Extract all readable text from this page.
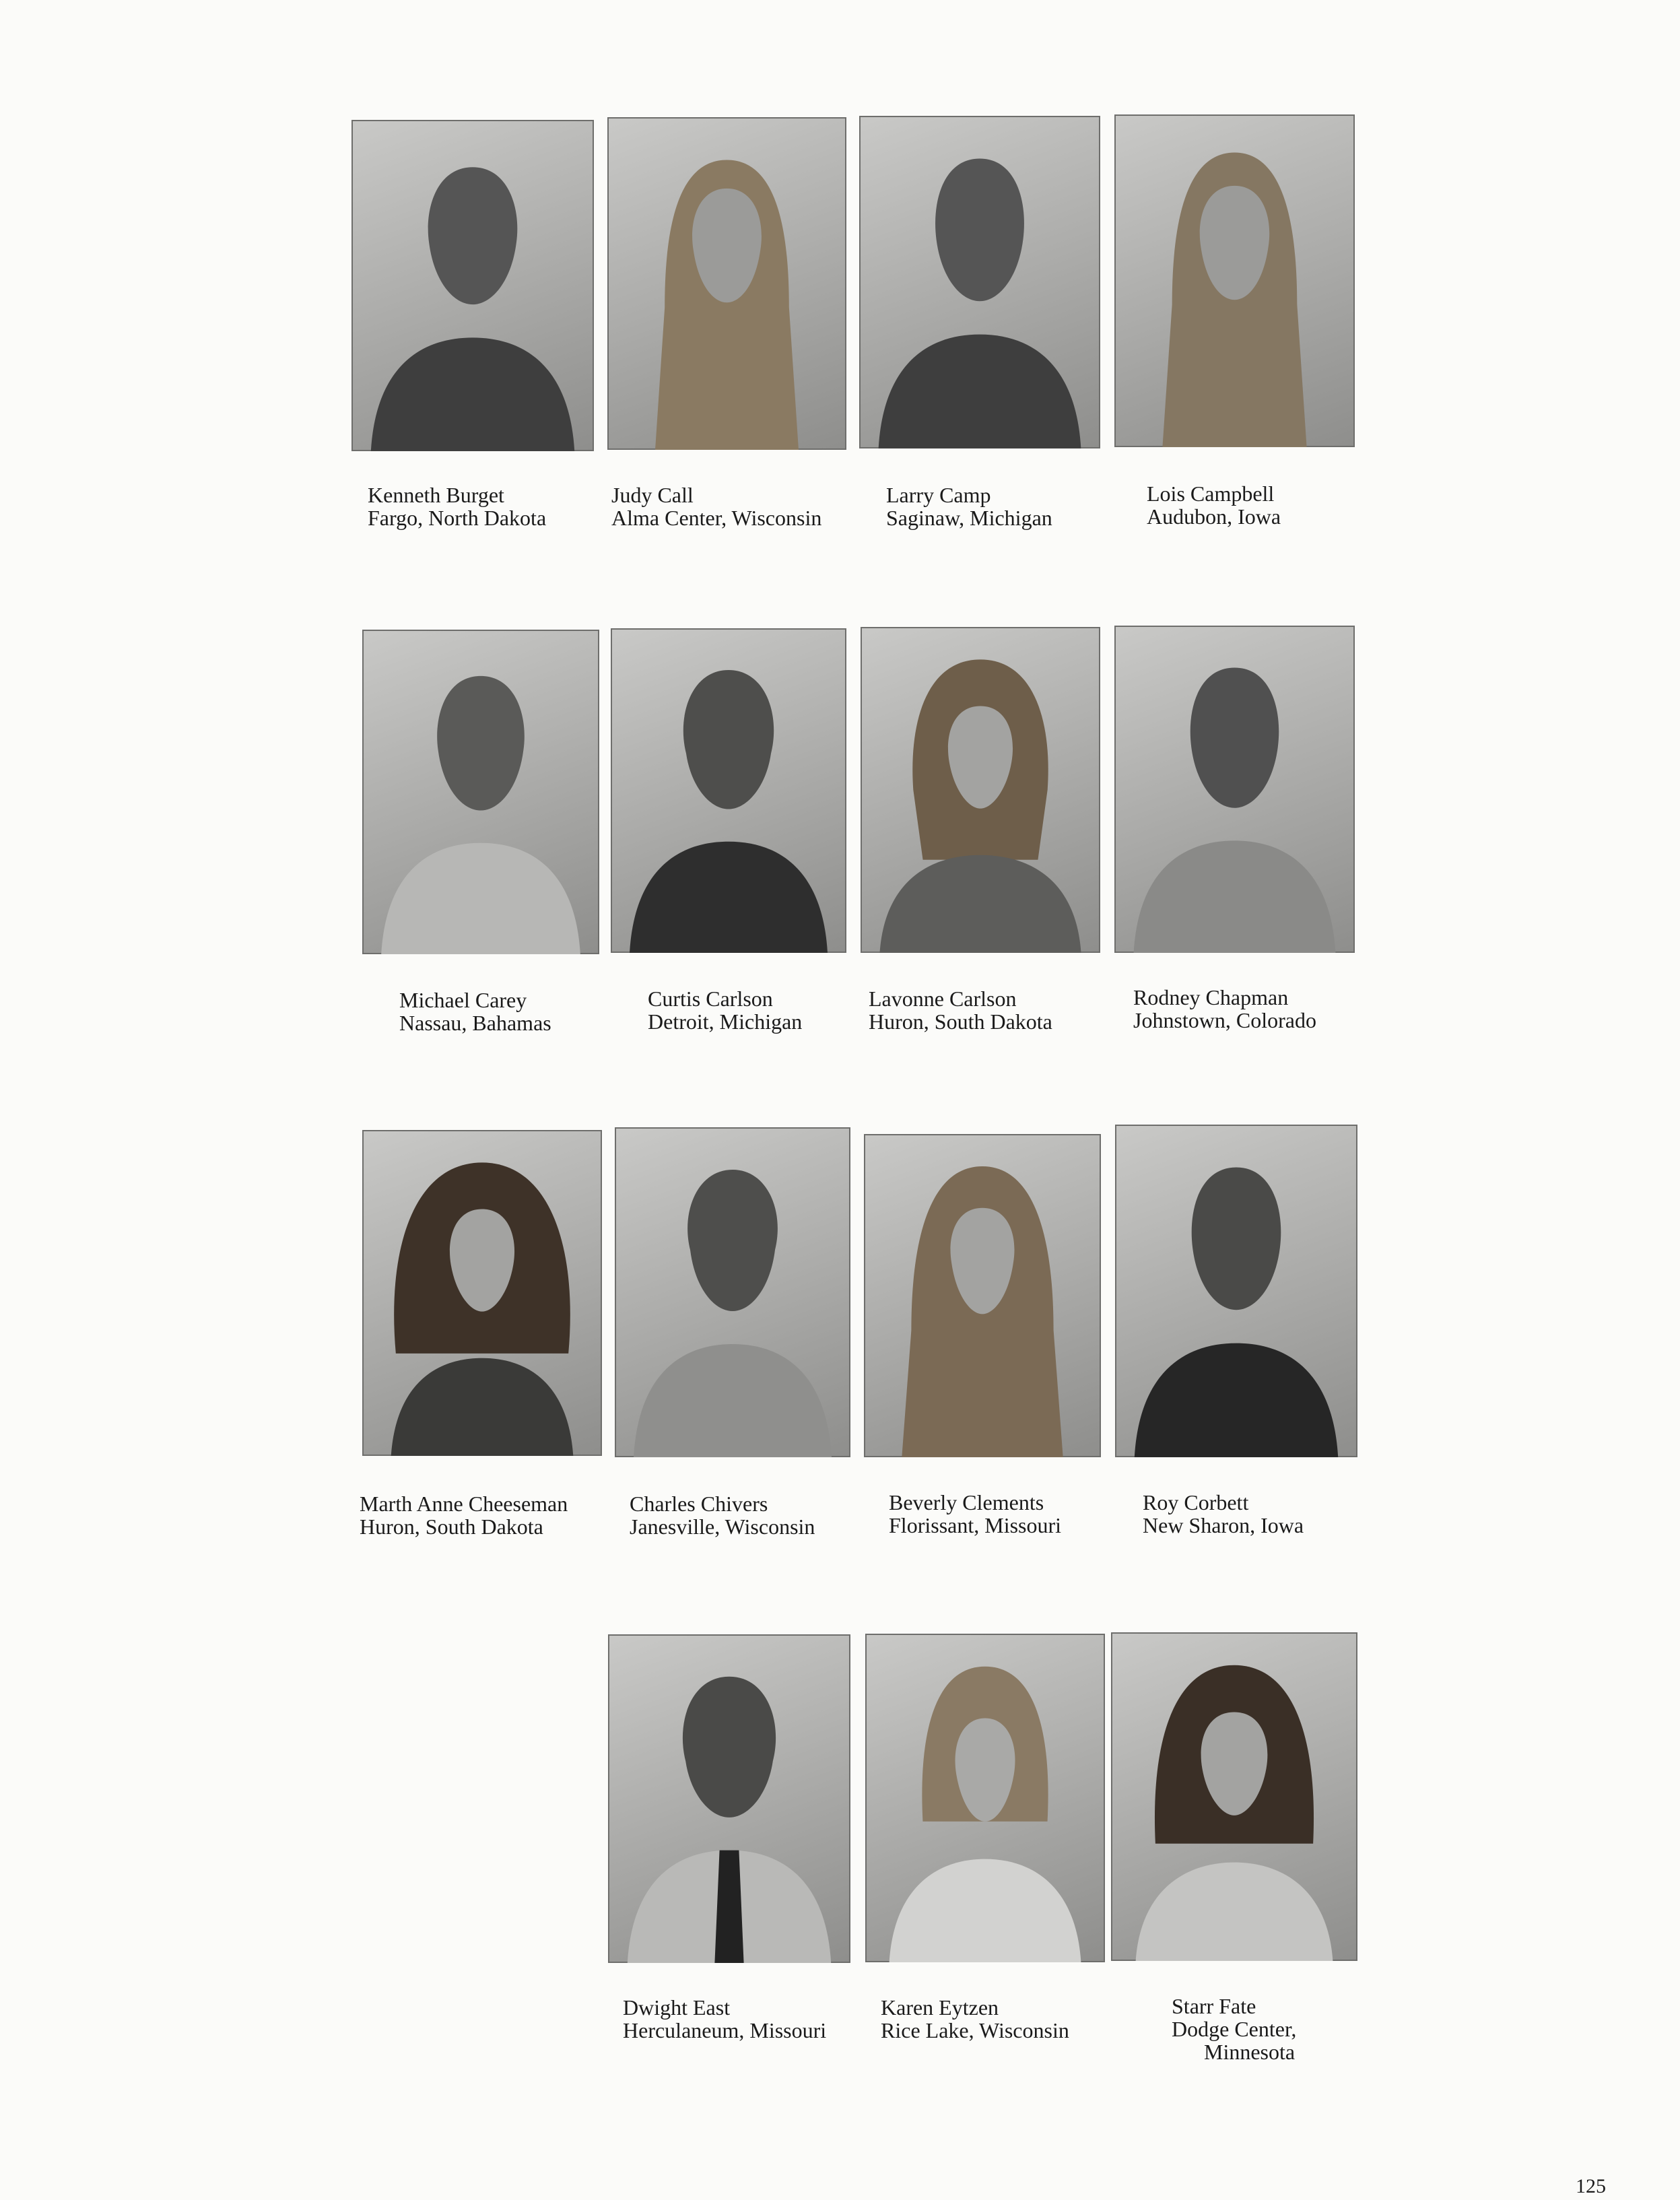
Kenneth Burget
Fargo, North Dakota
Judy Call
Alma Center, Wisconsin
Larry Camp
Saginaw, Michigan
Lois Campbell
Audubon, Iowa
Michael Carey
Nassau, Bahamas
Curtis Carlson
Detroit, Michigan
Lavonne Carlson
Huron, South Dakota
Rodney Chapman
Johnstown, Colorado
Marth Anne Cheeseman
Huron, South Dakota
Charles Chivers
Janesville, Wisconsin
Beverly Clements
Florissant, Missouri
Roy Corbett
New Sharon, Iowa
Dwight East
Herculaneum, Missouri
Karen Eytzen
Rice Lake, Wisconsin
Starr Fate
Dodge Center,
Minnesota
125
